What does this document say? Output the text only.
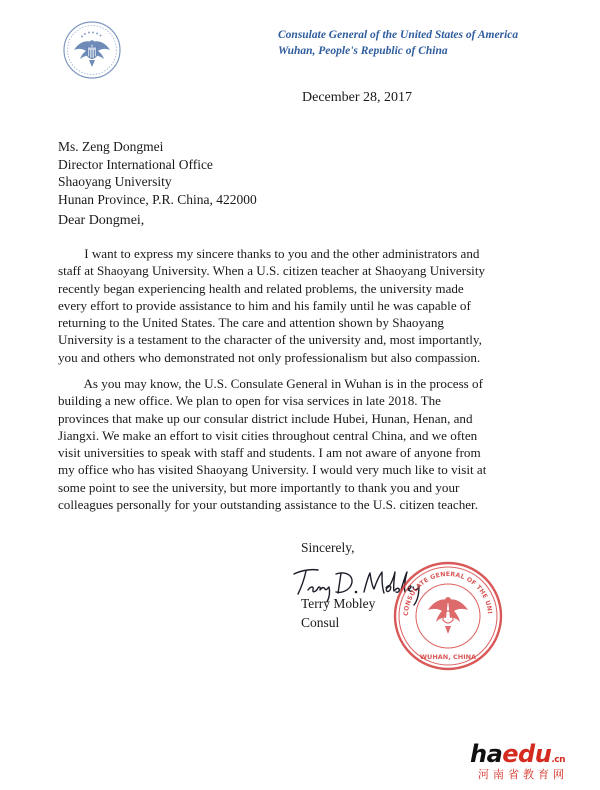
Consulate General of the United States of America
Wuhan, People's Republic of China
December 28, 2017
Ms. Zeng Dongmei
Director International Office
Shaoyang University
Hunan Province, P.R. China, 422000
Dear Dongmei,
I want to express my sincere thanks to you and the other administrators and
staff at Shaoyang University. When a U.S. citizen teacher at Shaoyang University
recently began experiencing health and related problems, the university made
every effort to provide assistance to him and his family until he was capable of
returning to the United States. The care and attention shown by Shaoyang
University is a testament to the character of the university and, most importantly,
you and others who demonstrated not only professionalism but also compassion.
As you may know, the U.S. Consulate General in Wuhan is in the process of
building a new office. We plan to open for visa services in late 2018. The
provinces that make up our consular district include Hubei, Hunan, Henan, and
Jiangxi. We make an effort to visit cities throughout central China, and we often
visit universities to speak with staff and students. I am not aware of anyone from
my office who has visited Shaoyang University. I would very much like to visit at
some point to see the university, but more importantly to thank you and your
colleagues personally for your outstanding assistance to the U.S. citizen teacher.
Sincerely,
CONSULATE GENERAL OF THE UNI
WUHAN, CHINA
Terry Mobley
Consul
haedu.cn
河南省教育网
